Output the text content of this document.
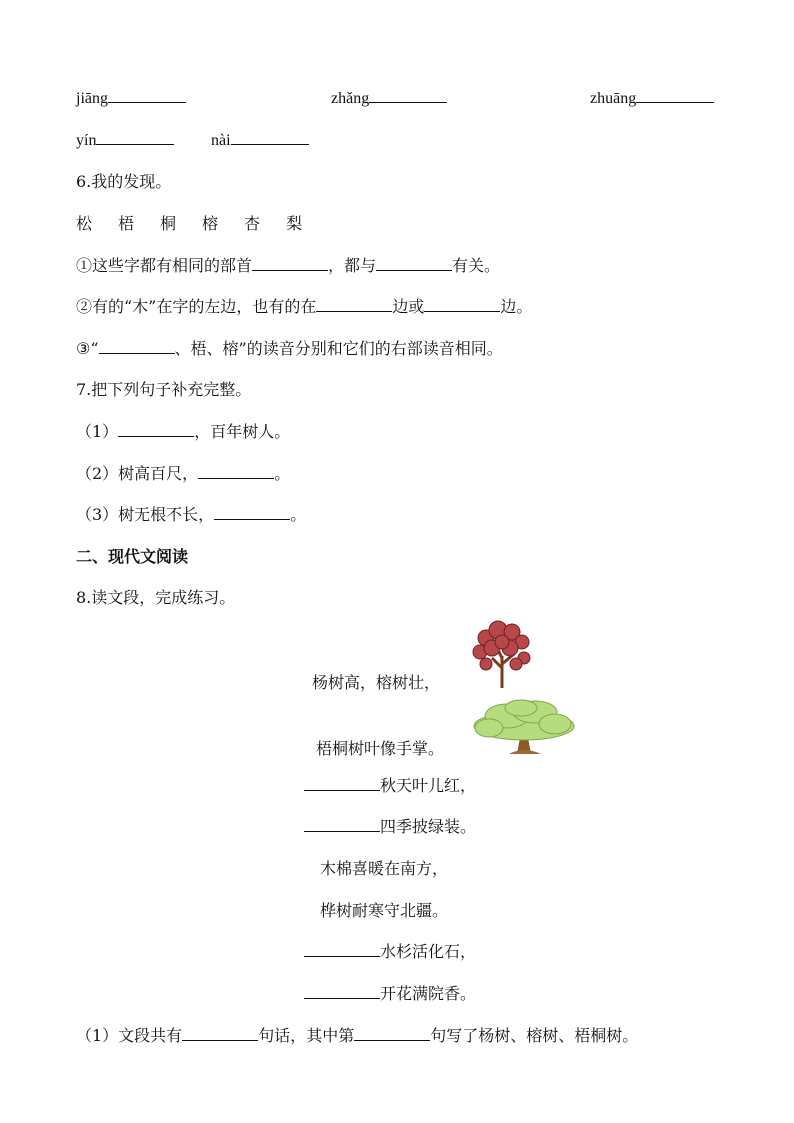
jiāng	zhǎng	zhuāng
yín	nài
6.我的发现。
松 梧 桐 榕 杏 梨
①这些字都有相同的部首	，都与	有关。
②有的“木”在字的左边，也有的在	边或	边。
③“	、梧、榕”的读音分别和它们的右部读音相同。
7.把下列句子补充完整。
（1）	，百年树人。
（2）树高百尺，	。
（3）树无根不长，	。
二、现代文阅读
8.读文段，完成练习。
杨树高，榕树壮，
梧桐树叶像手掌。
秋天叶儿红，
四季披绿装。
木棉喜暖在南方，
桦树耐寒守北疆。
水杉活化石，
开花满院香。
（1）文段共有	句话，其中第	句写了杨树、榕树、梧桐树。
